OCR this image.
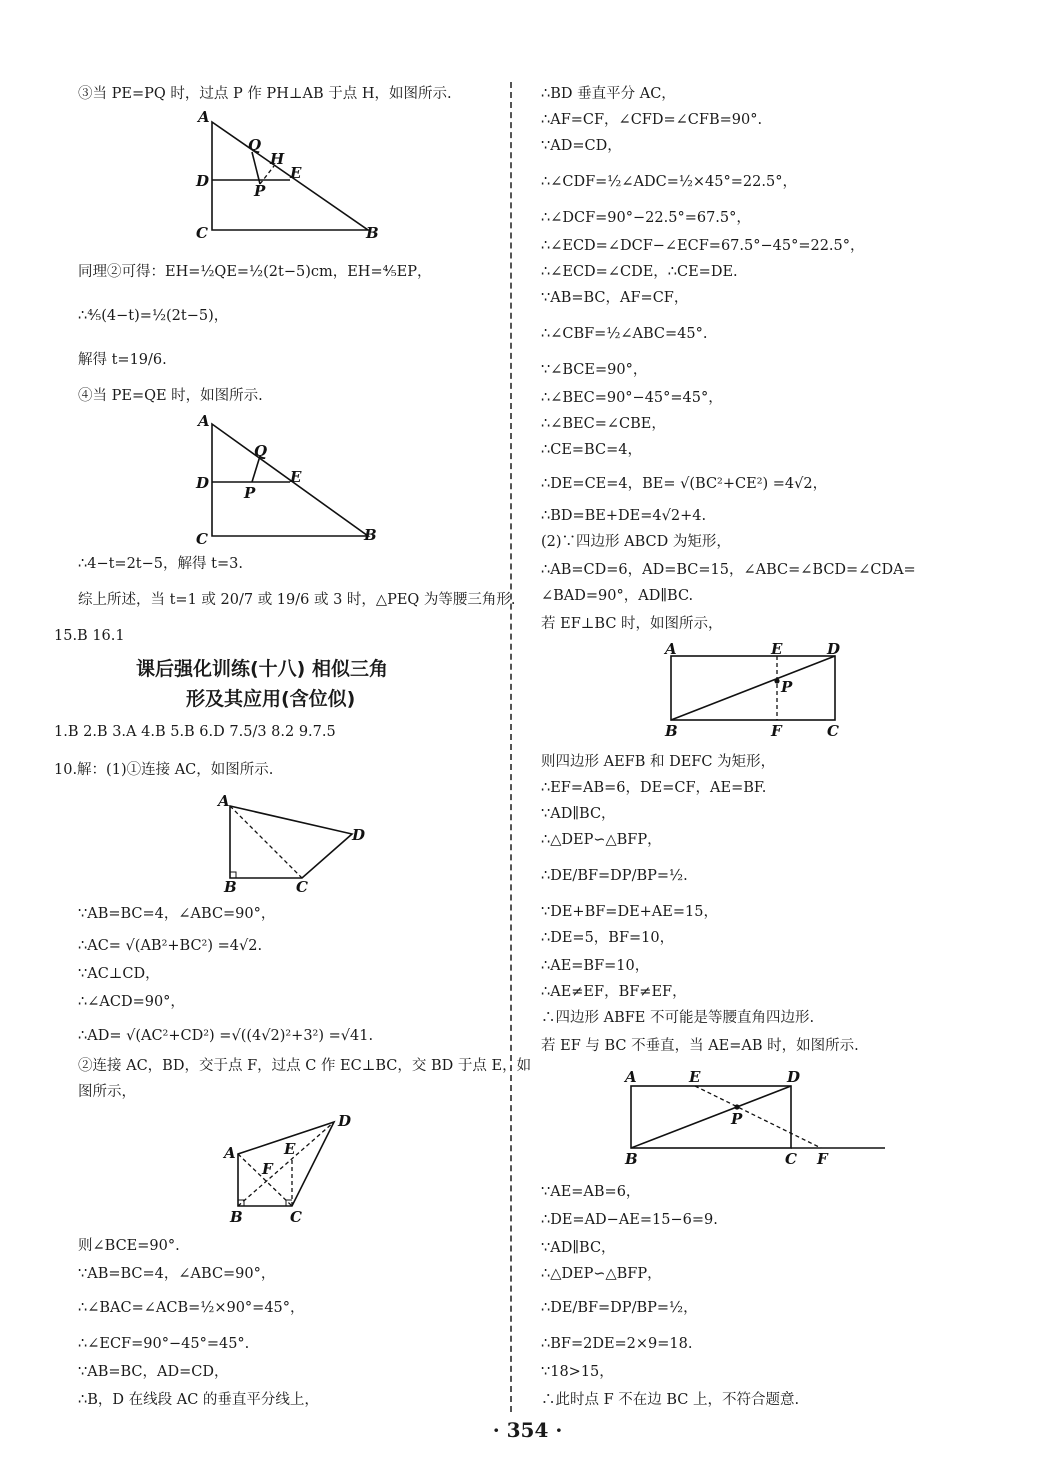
③当 PE=PQ 时，过点 P 作 PH⊥AB 于点 H，如图所示.
A
Q
H
E
D
P
C	B
同理②可得：EH=½QE=½(2t−5)cm，EH=⅘EP，
∴⅘(4−t)=½(2t−5)，
解得 t=19/6.
④当 PE=QE 时，如图所示.
A
Q
E
D
P
C	B
∴4−t=2t−5，解得 t=3.
综上所述，当 t=1 或 20/7 或 19/6 或 3 时，△PEQ 为等腰三角形.
15.B 16.1
课后强化训练(十八) 相似三角
形及其应用(含位似)
1.B 2.B 3.A 4.B 5.B 6.D 7.5/3 8.2 9.7.5
10.解：(1)①连接 AC，如图所示.
A
D
B	C
∵AB=BC=4，∠ABC=90°，
∴AC= √(AB²+BC²) =4√2.
∵AC⊥CD，
∴∠ACD=90°，
∴AD= √(AC²+CD²) =√((4√2)²+3²) =√41.
②连接 AC，BD，交于点 F，过点 C 作 EC⊥BC，交 BD 于点 E，如
图所示，
D
A	E
F
B	C
则∠BCE=90°.
∵AB=BC=4，∠ABC=90°，
∴∠BAC=∠ACB=½×90°=45°，
∴∠ECF=90°−45°=45°.
∵AB=BC，AD=CD，
∴B，D 在线段 AC 的垂直平分线上，
∴BD 垂直平分 AC，
∴AF=CF，∠CFD=∠CFB=90°.
∵AD=CD，
∴∠CDF=½∠ADC=½×45°=22.5°，
∴∠DCF=90°−22.5°=67.5°，
∴∠ECD=∠DCF−∠ECF=67.5°−45°=22.5°，
∴∠ECD=∠CDE，∴CE=DE.
∵AB=BC，AF=CF，
∴∠CBF=½∠ABC=45°.
∵∠BCE=90°，
∴∠BEC=90°−45°=45°，
∴∠BEC=∠CBE，
∴CE=BC=4，
∴DE=CE=4，BE= √(BC²+CE²) =4√2，
∴BD=BE+DE=4√2+4.
(2)∵四边形 ABCD 为矩形，
∴AB=CD=6，AD=BC=15，∠ABC=∠BCD=∠CDA=
∠BAD=90°，AD∥BC.
若 EF⊥BC 时，如图所示，
A	E	D
P
B	F	C
则四边形 AEFB 和 DEFC 为矩形，
∴EF=AB=6，DE=CF，AE=BF.
∵AD∥BC，
∴△DEP∽△BFP，
∴DE/BF=DP/BP=½.
∵DE+BF=DE+AE=15，
∴DE=5，BF=10，
∴AE=BF=10，
∴AE≠EF，BF≠EF，
∴四边形 ABFE 不可能是等腰直角四边形.
若 EF 与 BC 不垂直，当 AE=AB 时，如图所示.
A	E	D
P
B	C F
∵AE=AB=6，
∴DE=AD−AE=15−6=9.
∵AD∥BC，
∴△DEP∽△BFP，
∴DE/BF=DP/BP=½，
∴BF=2DE=2×9=18.
∵18>15，
∴此时点 F 不在边 BC 上，不符合题意.
· 354 ·
